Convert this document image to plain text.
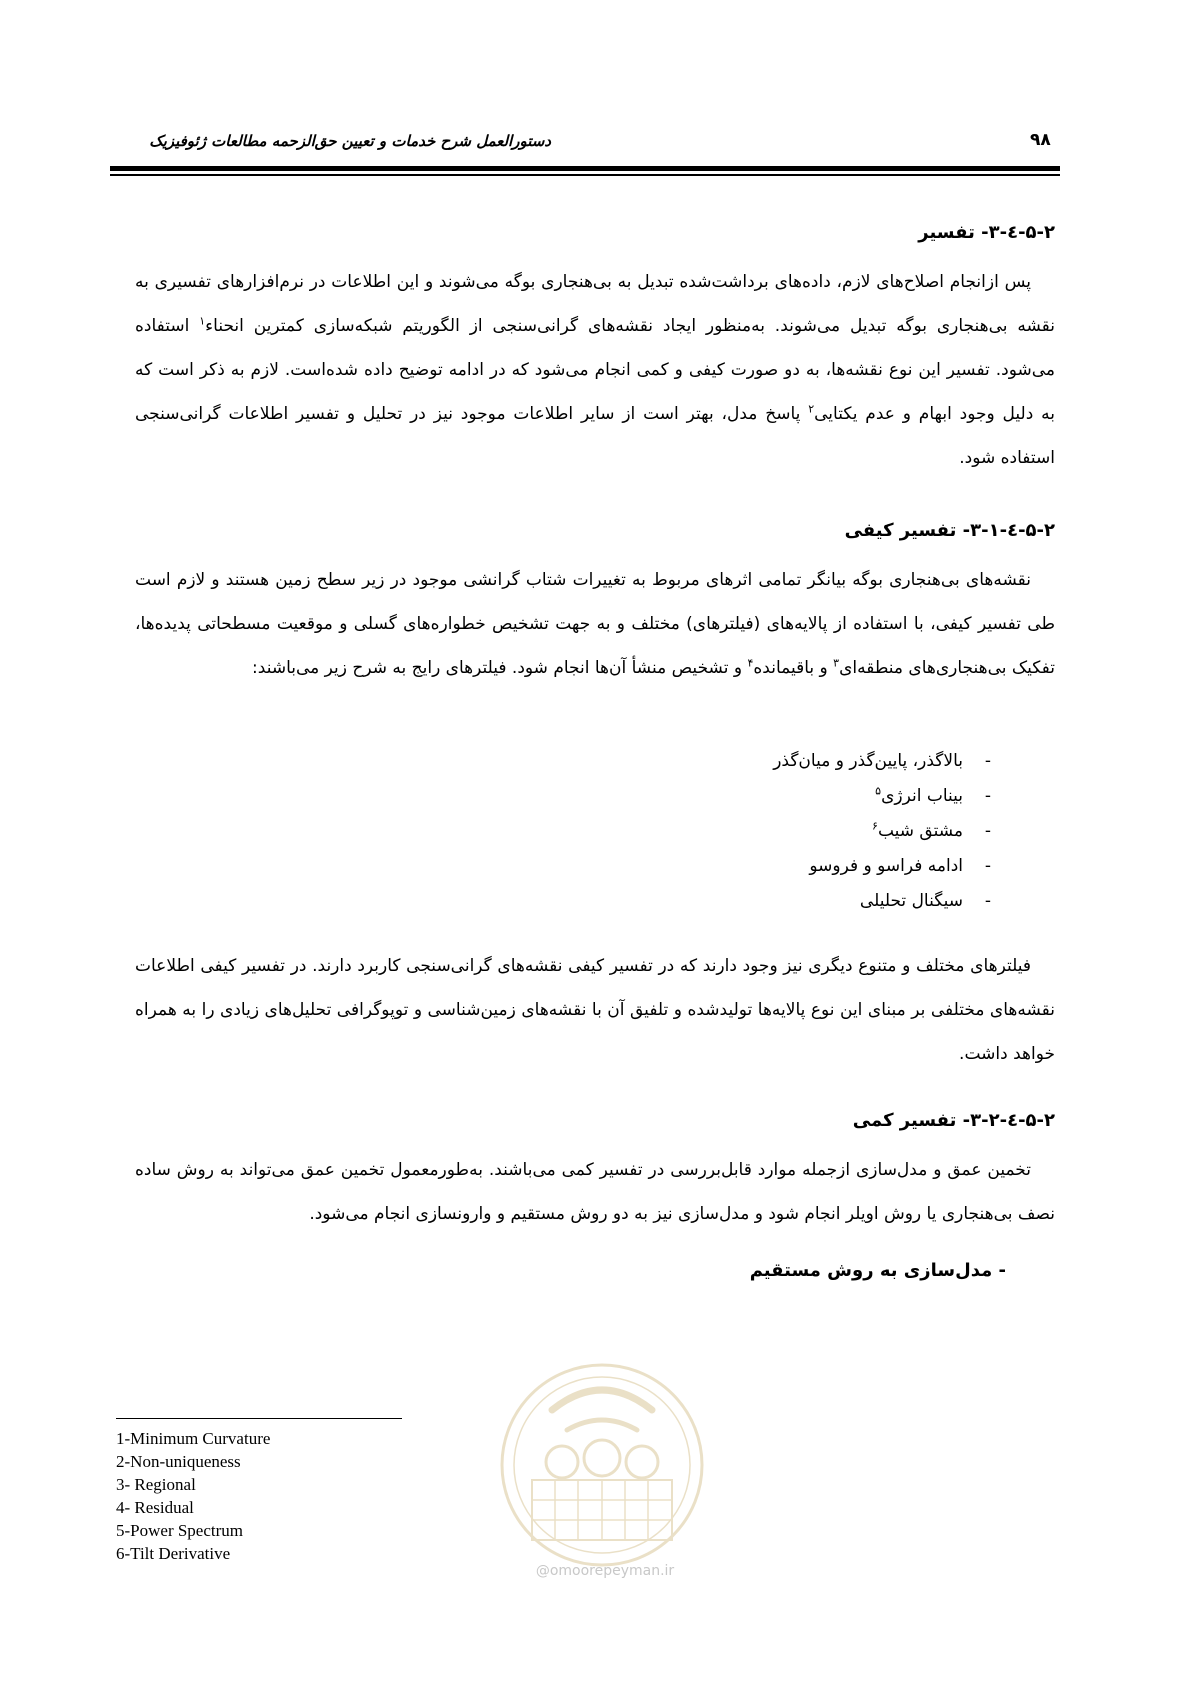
دستورالعمل شرح خدمات و تعیین حق‌الزحمه مطالعات ژئوفیزیک	۹۸
۵-۲-٤-۳- تفسیر

پس ازانجام اصلاح‌های لازم، داده‌های برداشت‌شده تبدیل به بی‌هنجاری بوگه می‌شوند و این اطلاعات در نرم‌افزارهای تفسیری به نقشه بی‌هنجاری بوگه تبدیل می‌شوند. به‌منظور ایجاد نقشه‌های گرانی‌سنجی از الگوریتم شبکه‌سازی کمترین انحناء$^۱$ استفاده می‌شود. تفسیر این نوع نقشه‌ها، به دو صورت کیفی و کمی انجام می‌شود که در ادامه توضیح داده شده‌است. لازم به ذکر است که به دلیل وجود ابهام و عدم یکتایی$^۲$ پاسخ مدل، بهتر است از سایر اطلاعات موجود نیز در تحلیل و تفسیر اطلاعات گرانی‌سنجی استفاده شود.

۵-۲-٤-۳-۱- تفسیر کیفی

نقشه‌های بی‌هنجاری بوگه بیانگر تمامی اثرهای مربوط به تغییرات شتاب گرانشی موجود در زیر سطح زمین هستند و لازم است طی تفسیر کیفی، با استفاده از پالایه‌های (فیلترهای) مختلف و به جهت تشخیص خطواره‌های گسلی و موقعیت مسطحاتی پدیده‌ها، تفکیک بی‌هنجاری‌های منطقه‌ای$^۳$ و باقیمانده$^۴$ و تشخیص منشأ آن‌ها انجام شود. فیلترهای رایج به شرح زیر می‌باشند:

-بالاگذر، پایین‌گذر و میان‌گذر
-بیناب انرژی$^۵$
-مشتق شیب$^۶$
-ادامه فراسو و فروسو
-سیگنال تحلیلی

فیلترهای مختلف و متنوع دیگری نیز وجود دارند که در تفسیر کیفی نقشه‌های گرانی‌سنجی کاربرد دارند. در تفسیر کیفی اطلاعات نقشه‌های مختلفی بر مبنای این نوع پالایه‌ها تولیدشده و تلفیق آن با نقشه‌های زمین‌شناسی و توپوگرافی تحلیل‌های زیادی را به همراه خواهد داشت.

۵-۲-٤-۳-۲- تفسیر کمی

تخمین عمق و مدل‌سازی ازجمله موارد قابل‌بررسی در تفسیر کمی می‌باشند. به‌طورمعمول تخمین عمق می‌تواند به روش ساده نصف بی‌هنجاری یا روش اویلر انجام شود و مدل‌سازی نیز به دو روش مستقیم و وارونسازی انجام می‌شود.

- مدل‌سازی به روش مستقیم
@omoorepeyman.ir
1-Minimum Curvature
2-Non-uniqueness
3- Regional
4- Residual
5-Power Spectrum
6-Tilt Derivative
